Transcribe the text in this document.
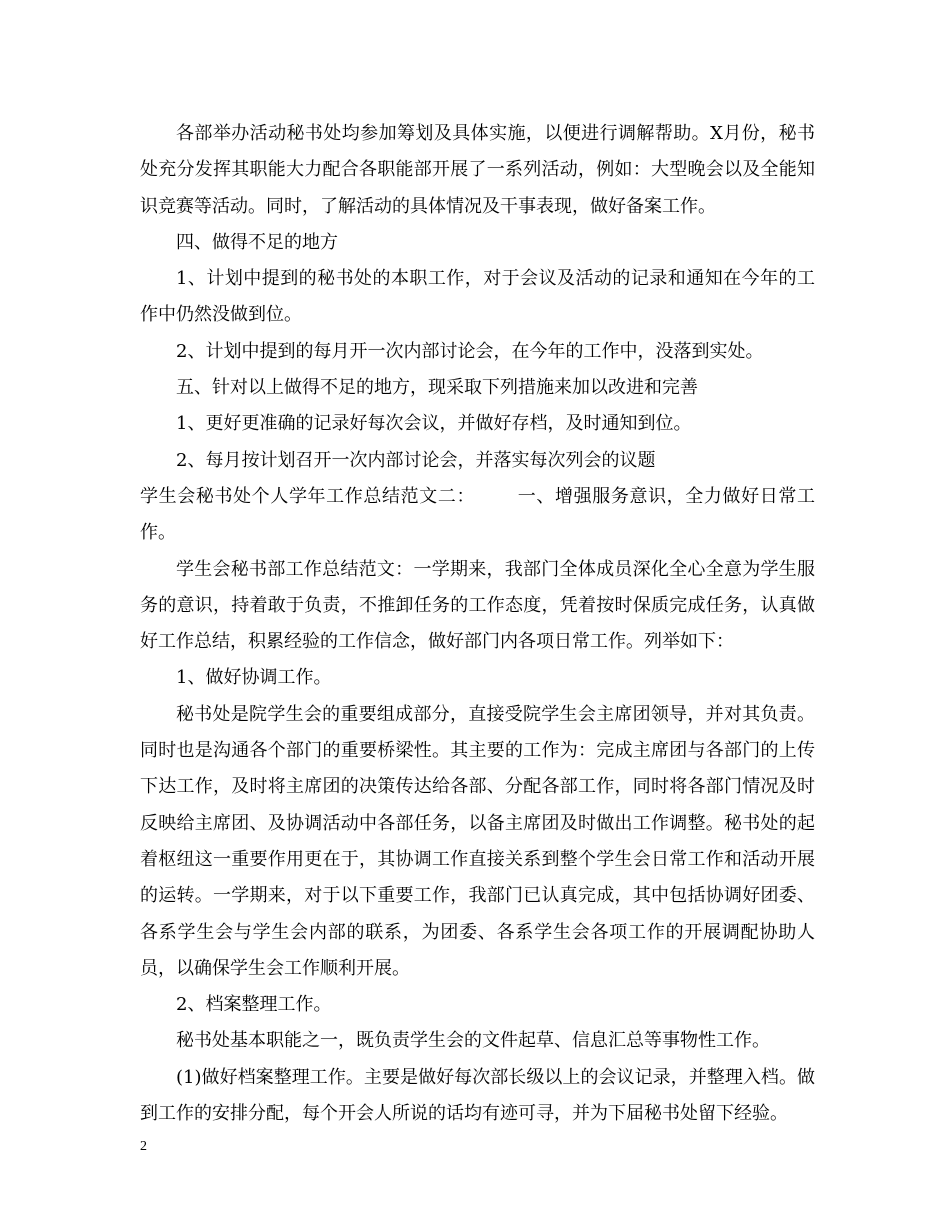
各部举办活动秘书处均参加筹划及具体实施，以便进行调解帮助。X月份，秘书处充分发挥其职能大力配合各职能部开展了一系列活动，例如：大型晚会以及全能知识竞赛等活动。同时，了解活动的具体情况及干事表现，做好备案工作。

四、做得不足的地方

1、计划中提到的秘书处的本职工作，对于会议及活动的记录和通知在今年的工作中仍然没做到位。

2、计划中提到的每月开一次内部讨论会，在今年的工作中，没落到实处。

五、针对以上做得不足的地方，现采取下列措施来加以改进和完善

1、更好更准确的记录好每次会议，并做好存档，及时通知到位。

2、每月按计划召开一次内部讨论会，并落实每次列会的议题

学生会秘书处个人学年工作总结范文二： 一、增强服务意识，全力做好日常工作。

学生会秘书部工作总结范文：一学期来，我部门全体成员深化全心全意为学生服务的意识，持着敢于负责，不推卸任务的工作态度，凭着按时保质完成任务，认真做好工作总结，积累经验的工作信念，做好部门内各项日常工作。列举如下：

1、做好协调工作。

秘书处是院学生会的重要组成部分，直接受院学生会主席团领导，并对其负责。同时也是沟通各个部门的重要桥梁性。其主要的工作为：完成主席团与各部门的上传下达工作，及时将主席团的决策传达给各部、分配各部工作，同时将各部门情况及时反映给主席团、及协调活动中各部任务，以备主席团及时做出工作调整。秘书处的起着枢纽这一重要作用更在于，其协调工作直接关系到整个学生会日常工作和活动开展的运转。一学期来，对于以下重要工作，我部门已认真完成，其中包括协调好团委、各系学生会与学生会内部的联系，为团委、各系学生会各项工作的开展调配协助人员，以确保学生会工作顺利开展。

2、档案整理工作。

秘书处基本职能之一，既负责学生会的文件起草、信息汇总等事物性工作。

(1)做好档案整理工作。主要是做好每次部长级以上的会议记录，并整理入档。做到工作的安排分配，每个开会人所说的话均有迹可寻，并为下届秘书处留下经验。

2
